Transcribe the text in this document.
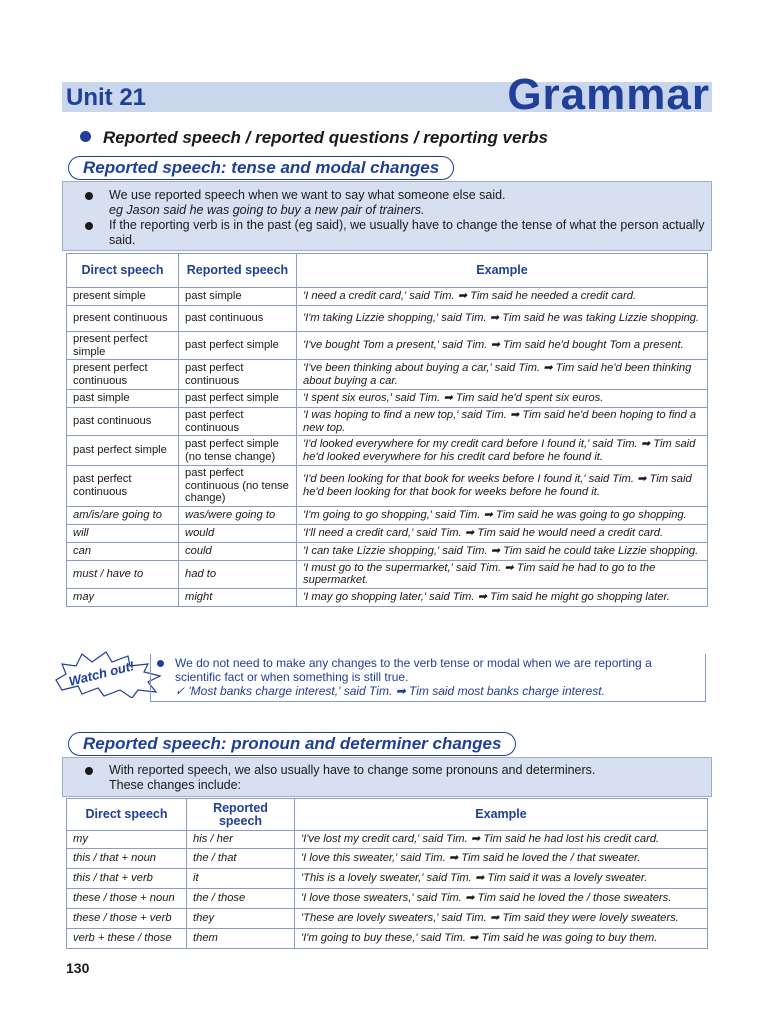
Unit 21	Grammar
Reported speech / reported questions / reporting verbs
Reported speech: tense and modal changes
We use reported speech when we want to say what someone else said.
eg Jason said he was going to buy a new pair of trainers.
If the reporting verb is in the past (eg said), we usually have to change the tense of what the person actually said.
Direct speech	Reported speech	Example
present simple	past simple	'I need a credit card,' said Tim. ➡ Tim said he needed a credit card.
present continuous	past continuous	'I'm taking Lizzie shopping,' said Tim. ➡ Tim said he was taking Lizzie shopping.
present perfect simple	past perfect simple	'I've bought Tom a present,' said Tim. ➡ Tim said he'd bought Tom a present.
present perfect continuous	past perfect continuous	'I've been thinking about buying a car,' said Tim. ➡ Tim said he'd been thinking about buying a car.
past simple	past perfect simple	'I spent six euros,' said Tim. ➡ Tim said he'd spent six euros.
past continuous	past perfect continuous	'I was hoping to find a new top,' said Tim. ➡ Tim said he'd been hoping to find a new top.
past perfect simple	past perfect simple (no tense change)	'I'd looked everywhere for my credit card before I found it,' said Tim. ➡ Tim said he'd looked everywhere for his credit card before he found it.
past perfect continuous	past perfect continuous (no tense change)	'I'd been looking for that book for weeks before I found it,' said Tim. ➡ Tim said he'd been looking for that book for weeks before he found it.
am/is/are going to	was/were going to	'I'm going to go shopping,' said Tim. ➡ Tim said he was going to go shopping.
will	would	'I'll need a credit card,' said Tim. ➡ Tim said he would need a credit card.
can	could	'I can take Lizzie shopping,' said Tim. ➡ Tim said he could take Lizzie shopping.
must / have to	had to	'I must go to the supermarket,' said Tim. ➡ Tim said he had to go to the supermarket.
may	might	'I may go shopping later,' said Tim. ➡ Tim said he might go shopping later.
Watch out!	We do not need to make any changes to the verb tense or modal when we are reporting a scientific fact or when something is still true.
✓ 'Most banks charge interest,' said Tim. ➡ Tim said most banks charge interest.
Reported speech: pronoun and determiner changes
With reported speech, we also usually have to change some pronouns and determiners. These changes include:
Direct speech	Reported speech	Example
my	his / her	'I've lost my credit card,' said Tim. ➡ Tim said he had lost his credit card.
this / that + noun	the / that	'I love this sweater,' said Tim. ➡ Tim said he loved the / that sweater.
this / that + verb	it	'This is a lovely sweater,' said Tim. ➡ Tim said it was a lovely sweater.
these / those + noun	the / those	'I love those sweaters,' said Tim. ➡ Tim said he loved the / those sweaters.
these / those + verb	they	'These are lovely sweaters,' said Tim. ➡ Tim said they were lovely sweaters.
verb + these / those	them	'I'm going to buy these,' said Tim. ➡ Tim said he was going to buy them.
130
